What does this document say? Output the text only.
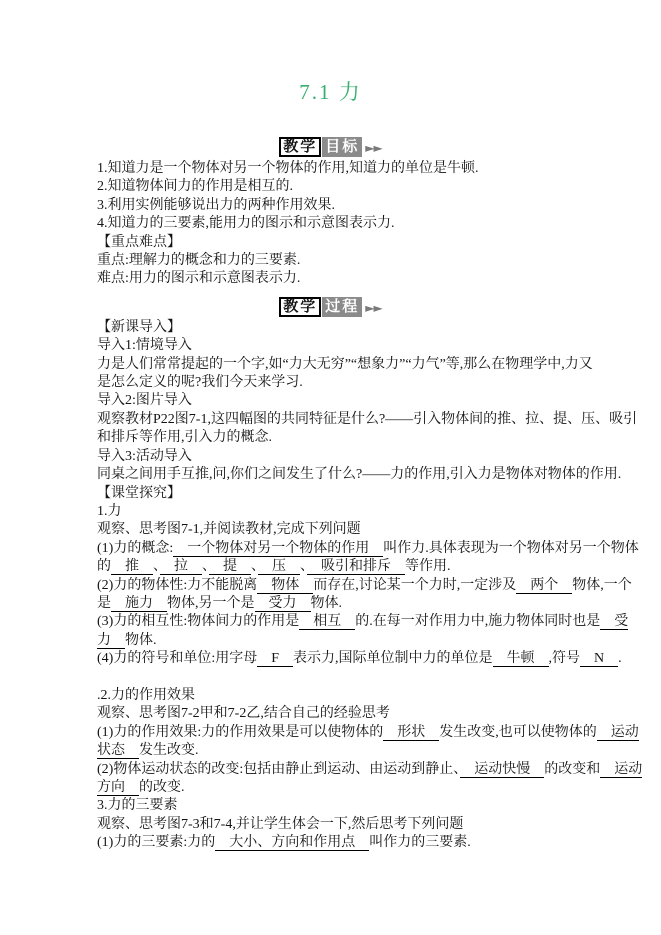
7.1 力
教学 目标 ►►
1.知道力是一个物体对另一个物体的作用,知道力的单位是牛顿.
2.知道物体间力的作用是相互的.
3.利用实例能够说出力的两种作用效果.
4.知道力的三要素,能用力的图示和示意图表示力.
【重点难点】
重点:理解力的概念和力的三要素.
难点:用力的图示和示意图表示力.
教学 过程 ►►
【新课导入】
导入1:情境导入
力是人们常常提起的一个字,如“力大无穷”“想象力”“力气”等,那么在物理学中,力又
是怎么定义的呢?我们今天来学习.
导入2:图片导入
观察教材P22图7-1,这四幅图的共同特征是什么?——引入物体间的推、拉、提、压、吸引
和排斥等作用,引入力的概念.
导入3:活动导入
同桌之间用手互推,问,你们之间发生了什么?——力的作用,引入力是物体对物体的作用.
【课堂探究】
1.力
观察、思考图7-1,并阅读教材,完成下列问题
(1)力的概念:　一个物体对另一个物体的作用　叫作力.具体表现为一个物体对另一个物体
的　推　、　拉　、　提　、　压　、　吸引和排斥　等作用.
(2)力的物体性:力不能脱离　物体　而存在,讨论某一个力时,一定涉及　两个　物体,一个
是　施力　物体,另一个是　受力　物体.
(3)力的相互性:物体间力的作用是　相互　的.在每一对作用力中,施力物体同时也是　受
力　物体.
(4)力的符号和单位:用字母　F　表示力,国际单位制中力的单位是　牛顿　,符号　N　.

.2.力的作用效果
观察、思考图7-2甲和7-2乙,结合自己的经验思考
(1)力的作用效果:力的作用效果是可以使物体的　形状　发生改变,也可以使物体的　运动
状态　发生改变.
(2)物体运动状态的改变:包括由静止到运动、由运动到静止、　运动快慢　的改变和　运动
方向　的改变.
3.力的三要素
观察、思考图7-3和7-4,并让学生体会一下,然后思考下列问题
(1)力的三要素:力的　大小、方向和作用点　叫作力的三要素.
